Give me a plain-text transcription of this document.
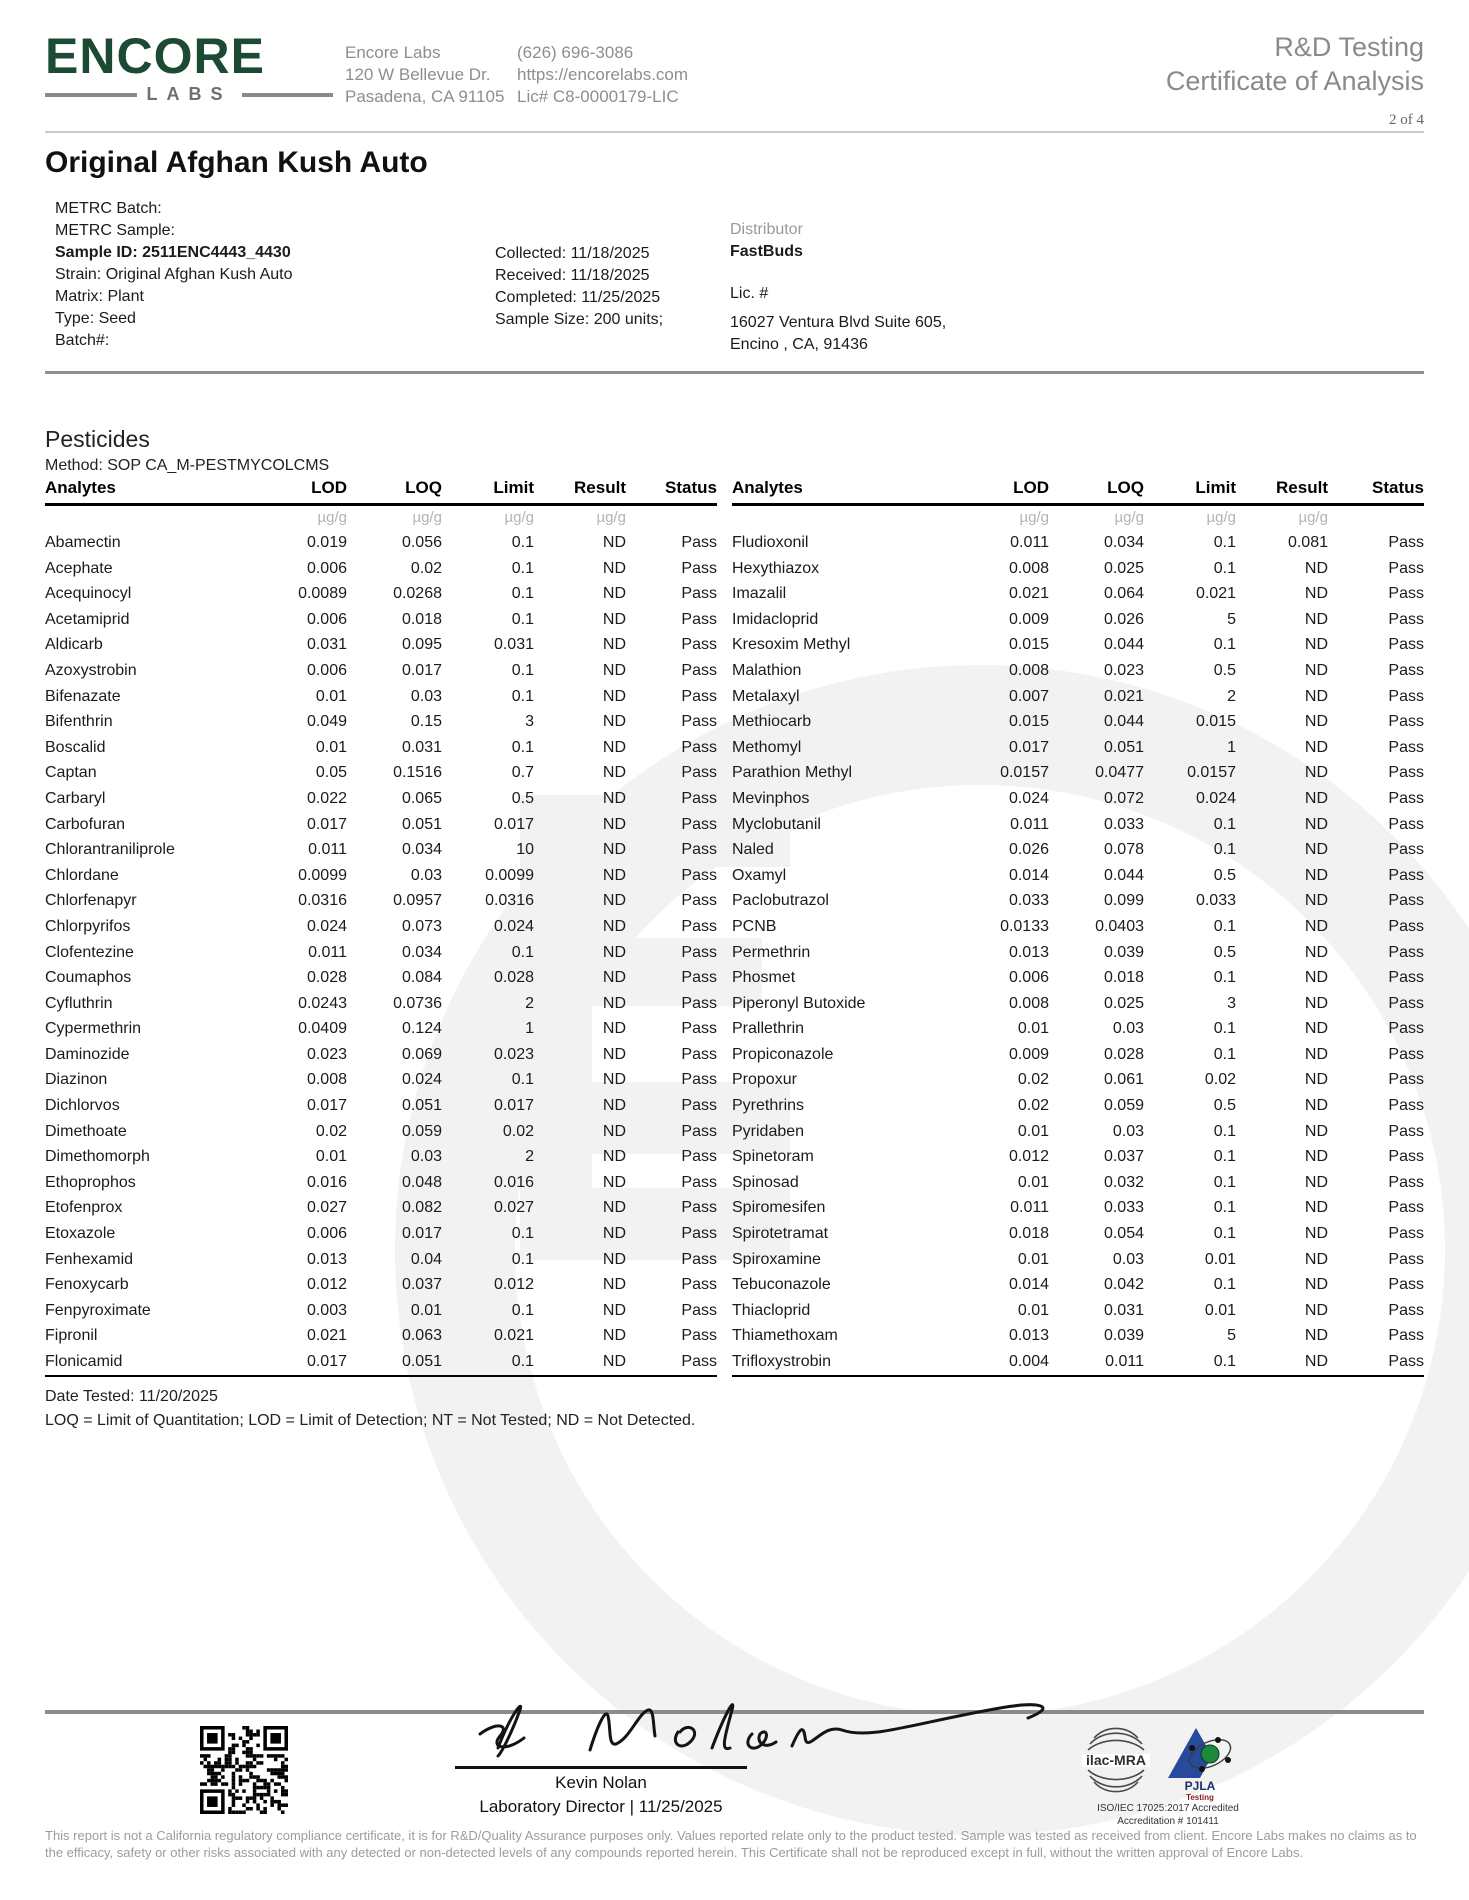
ENCORE
LABS
Encore Labs
120 W Bellevue Dr.
Pasadena, CA 91105
(626) 696-3086
https://encorelabs.com
Lic# C8-0000179-LIC
R&D Testing
Certificate of Analysis
2 of 4
Original Afghan Kush Auto
METRC Batch:
METRC Sample:
Sample ID: 2511ENC4443_4430
Strain: Original Afghan Kush Auto
Matrix: Plant
Type: Seed
Batch#:
Collected: 11/18/2025
Received: 11/18/2025
Completed: 11/25/2025
Sample Size: 200 units;
Distributor
FastBuds
Lic. #
16027 Ventura Blvd Suite 605,
Encino , CA, 91436
Pesticides
Method: SOP CA_M-PESTMYCOLCMS
Analytes	LOD	LOQ	Limit	Result	Status
	µg/g	µg/g	µg/g	µg/g	
Abamectin	0.019	0.056	0.1	ND	Pass
Acephate	0.006	0.02	0.1	ND	Pass
Acequinocyl	0.0089	0.0268	0.1	ND	Pass
Acetamiprid	0.006	0.018	0.1	ND	Pass
Aldicarb	0.031	0.095	0.031	ND	Pass
Azoxystrobin	0.006	0.017	0.1	ND	Pass
Bifenazate	0.01	0.03	0.1	ND	Pass
Bifenthrin	0.049	0.15	3	ND	Pass
Boscalid	0.01	0.031	0.1	ND	Pass
Captan	0.05	0.1516	0.7	ND	Pass
Carbaryl	0.022	0.065	0.5	ND	Pass
Carbofuran	0.017	0.051	0.017	ND	Pass
Chlorantraniliprole	0.011	0.034	10	ND	Pass
Chlordane	0.0099	0.03	0.0099	ND	Pass
Chlorfenapyr	0.0316	0.0957	0.0316	ND	Pass
Chlorpyrifos	0.024	0.073	0.024	ND	Pass
Clofentezine	0.011	0.034	0.1	ND	Pass
Coumaphos	0.028	0.084	0.028	ND	Pass
Cyfluthrin	0.0243	0.0736	2	ND	Pass
Cypermethrin	0.0409	0.124	1	ND	Pass
Daminozide	0.023	0.069	0.023	ND	Pass
Diazinon	0.008	0.024	0.1	ND	Pass
Dichlorvos	0.017	0.051	0.017	ND	Pass
Dimethoate	0.02	0.059	0.02	ND	Pass
Dimethomorph	0.01	0.03	2	ND	Pass
Ethoprophos	0.016	0.048	0.016	ND	Pass
Etofenprox	0.027	0.082	0.027	ND	Pass
Etoxazole	0.006	0.017	0.1	ND	Pass
Fenhexamid	0.013	0.04	0.1	ND	Pass
Fenoxycarb	0.012	0.037	0.012	ND	Pass
Fenpyroximate	0.003	0.01	0.1	ND	Pass
Fipronil	0.021	0.063	0.021	ND	Pass
Flonicamid	0.017	0.051	0.1	ND	Pass
Analytes	LOD	LOQ	Limit	Result	Status
	µg/g	µg/g	µg/g	µg/g	
Fludioxonil	0.011	0.034	0.1	0.081	Pass
Hexythiazox	0.008	0.025	0.1	ND	Pass
Imazalil	0.021	0.064	0.021	ND	Pass
Imidacloprid	0.009	0.026	5	ND	Pass
Kresoxim Methyl	0.015	0.044	0.1	ND	Pass
Malathion	0.008	0.023	0.5	ND	Pass
Metalaxyl	0.007	0.021	2	ND	Pass
Methiocarb	0.015	0.044	0.015	ND	Pass
Methomyl	0.017	0.051	1	ND	Pass
Parathion Methyl	0.0157	0.0477	0.0157	ND	Pass
Mevinphos	0.024	0.072	0.024	ND	Pass
Myclobutanil	0.011	0.033	0.1	ND	Pass
Naled	0.026	0.078	0.1	ND	Pass
Oxamyl	0.014	0.044	0.5	ND	Pass
Paclobutrazol	0.033	0.099	0.033	ND	Pass
PCNB	0.0133	0.0403	0.1	ND	Pass
Permethrin	0.013	0.039	0.5	ND	Pass
Phosmet	0.006	0.018	0.1	ND	Pass
Piperonyl Butoxide	0.008	0.025	3	ND	Pass
Prallethrin	0.01	0.03	0.1	ND	Pass
Propiconazole	0.009	0.028	0.1	ND	Pass
Propoxur	0.02	0.061	0.02	ND	Pass
Pyrethrins	0.02	0.059	0.5	ND	Pass
Pyridaben	0.01	0.03	0.1	ND	Pass
Spinetoram	0.012	0.037	0.1	ND	Pass
Spinosad	0.01	0.032	0.1	ND	Pass
Spiromesifen	0.011	0.033	0.1	ND	Pass
Spirotetramat	0.018	0.054	0.1	ND	Pass
Spiroxamine	0.01	0.03	0.01	ND	Pass
Tebuconazole	0.014	0.042	0.1	ND	Pass
Thiacloprid	0.01	0.031	0.01	ND	Pass
Thiamethoxam	0.013	0.039	5	ND	Pass
Trifloxystrobin	0.004	0.011	0.1	ND	Pass
Date Tested: 11/20/2025
LOQ = Limit of Quantitation; LOD = Limit of Detection; NT = Not Tested; ND = Not Detected.
Kevin Nolan
Laboratory Director | 11/25/2025
ilac-MRA
PJLA
Testing
ISO/IEC 17025:2017 Accredited
Accreditation # 101411
This report is not a California regulatory compliance certificate, it is for R&D/Quality Assurance purposes only. Values reported relate only to the product tested. Sample was tested as received from client. Encore Labs makes no claims as to the efficacy, safety or other risks associated with any detected or non-detected levels of any compounds reported herein. This Certificate shall not be reproduced except in full, without the written approval of Encore Labs.
